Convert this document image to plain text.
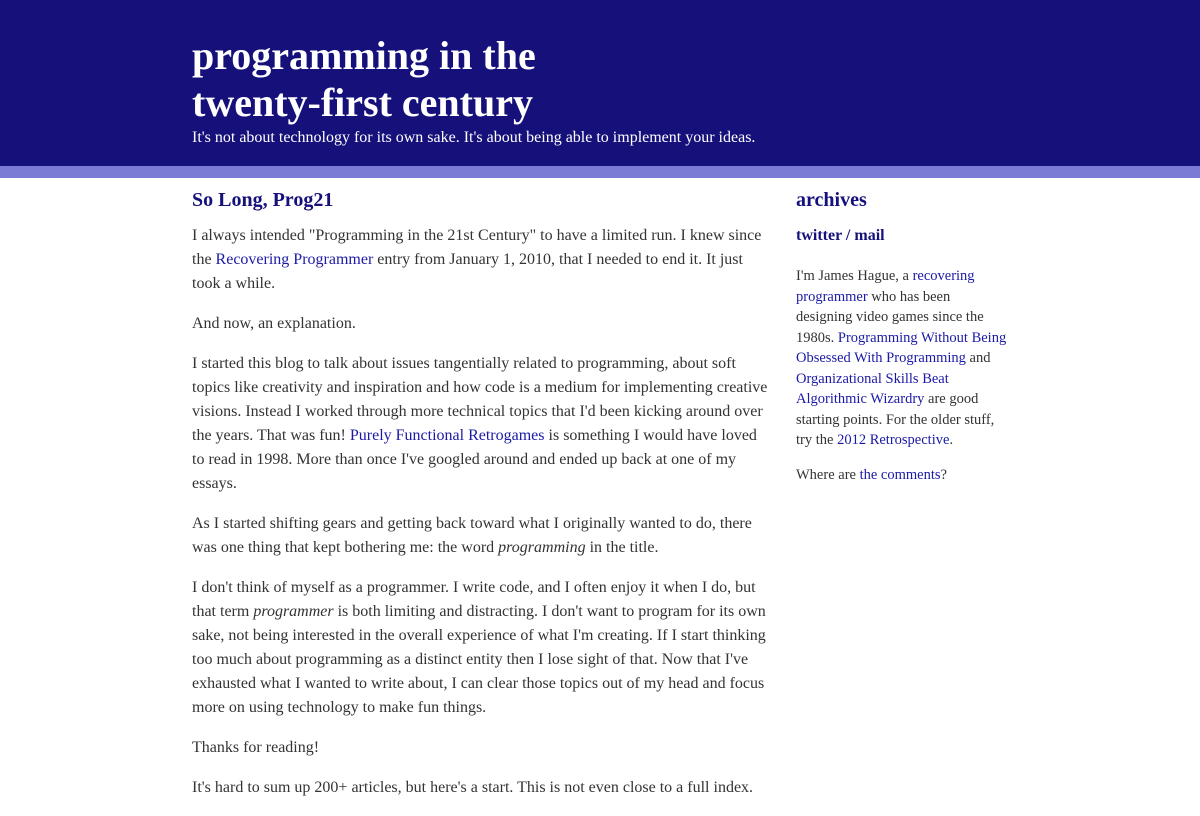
programming in the
twenty-first century

It's not about technology for its own sake. It's about being able to implement your ideas.

So Long, Prog21

I always intended "Programming in the 21st Century" to have a limited run. I knew since the Recovering Programmer entry from January 1, 2010, that I needed to end it. It just took a while.

And now, an explanation.

I started this blog to talk about issues tangentially related to programming, about soft topics like creativity and inspiration and how code is a medium for implementing creative visions. Instead I worked through more technical topics that I'd been kicking around over the years. That was fun! Purely Functional Retrogames is something I would have loved to read in 1998. More than once I've googled around and ended up back at one of my essays.

As I started shifting gears and getting back toward what I originally wanted to do, there was one thing that kept bothering me: the word programming in the title.

I don't think of myself as a programmer. I write code, and I often enjoy it when I do, but that term programmer is both limiting and distracting. I don't want to program for its own sake, not being interested in the overall experience of what I'm creating. If I start thinking too much about programming as a distinct entity then I lose sight of that. Now that I've exhausted what I wanted to write about, I can clear those topics out of my head and focus more on using technology to make fun things.

Thanks for reading!

It's hard to sum up 200+ articles, but here's a start. This is not even close to a full index.

archives
twitter / mail

I'm James Hague, a recovering programmer who has been designing video games since the 1980s. Programming Without Being Obsessed With Programming and Organizational Skills Beat Algorithmic Wizardry are good starting points. For the older stuff, try the 2012 Retrospective.

Where are the comments?
